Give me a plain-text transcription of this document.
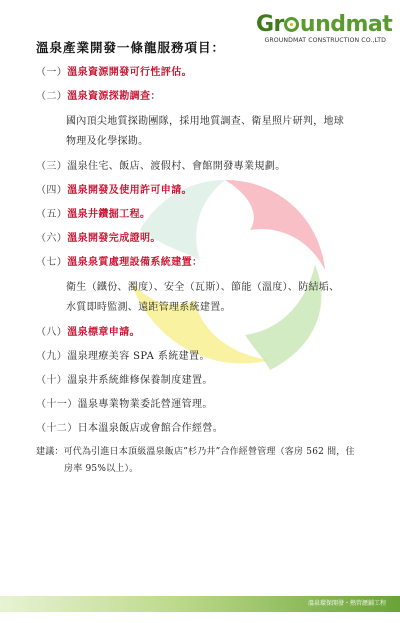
Gr undmat
GROUNDMAT CONSTRUCTION CO.,LTD

溫泉產業開發一條龍服務項目：

（一） 溫泉資源開發可行性評估。

（二） 溫泉資源探勘調查：

國內頂尖地質探勘團隊，採用地質調查、衛星照片研判，地球

物理及化學探勘。

（三） 溫泉住宅、飯店、渡假村、會館開發專業規劃。

（四） 溫泉開發及使用許可申請。

（五） 溫泉井鑽掘工程。

（六） 溫泉開發完成證明。

（七） 溫泉泉質處理設備系統建置：

衛生（鐵份、濁度）、安全（瓦斯）、節能（溫度）、防結垢、

水質即時監測、遠距管理系統建置。

（八） 溫泉標章申請。

（九） 溫泉理療美容 SPA 系統建置。

（十） 溫泉井系統維修保養制度建置。

（十一） 溫泉專業物業委託營運管理。

（十二） 日本溫泉飯店或會館合作經營。

建議：可代為引進日本頂級溫泉飯店”杉乃井”合作經營管理（客房 562 間，住

房率 95%以上）。

溫泉環保開發・熱管瀝鋪工程
